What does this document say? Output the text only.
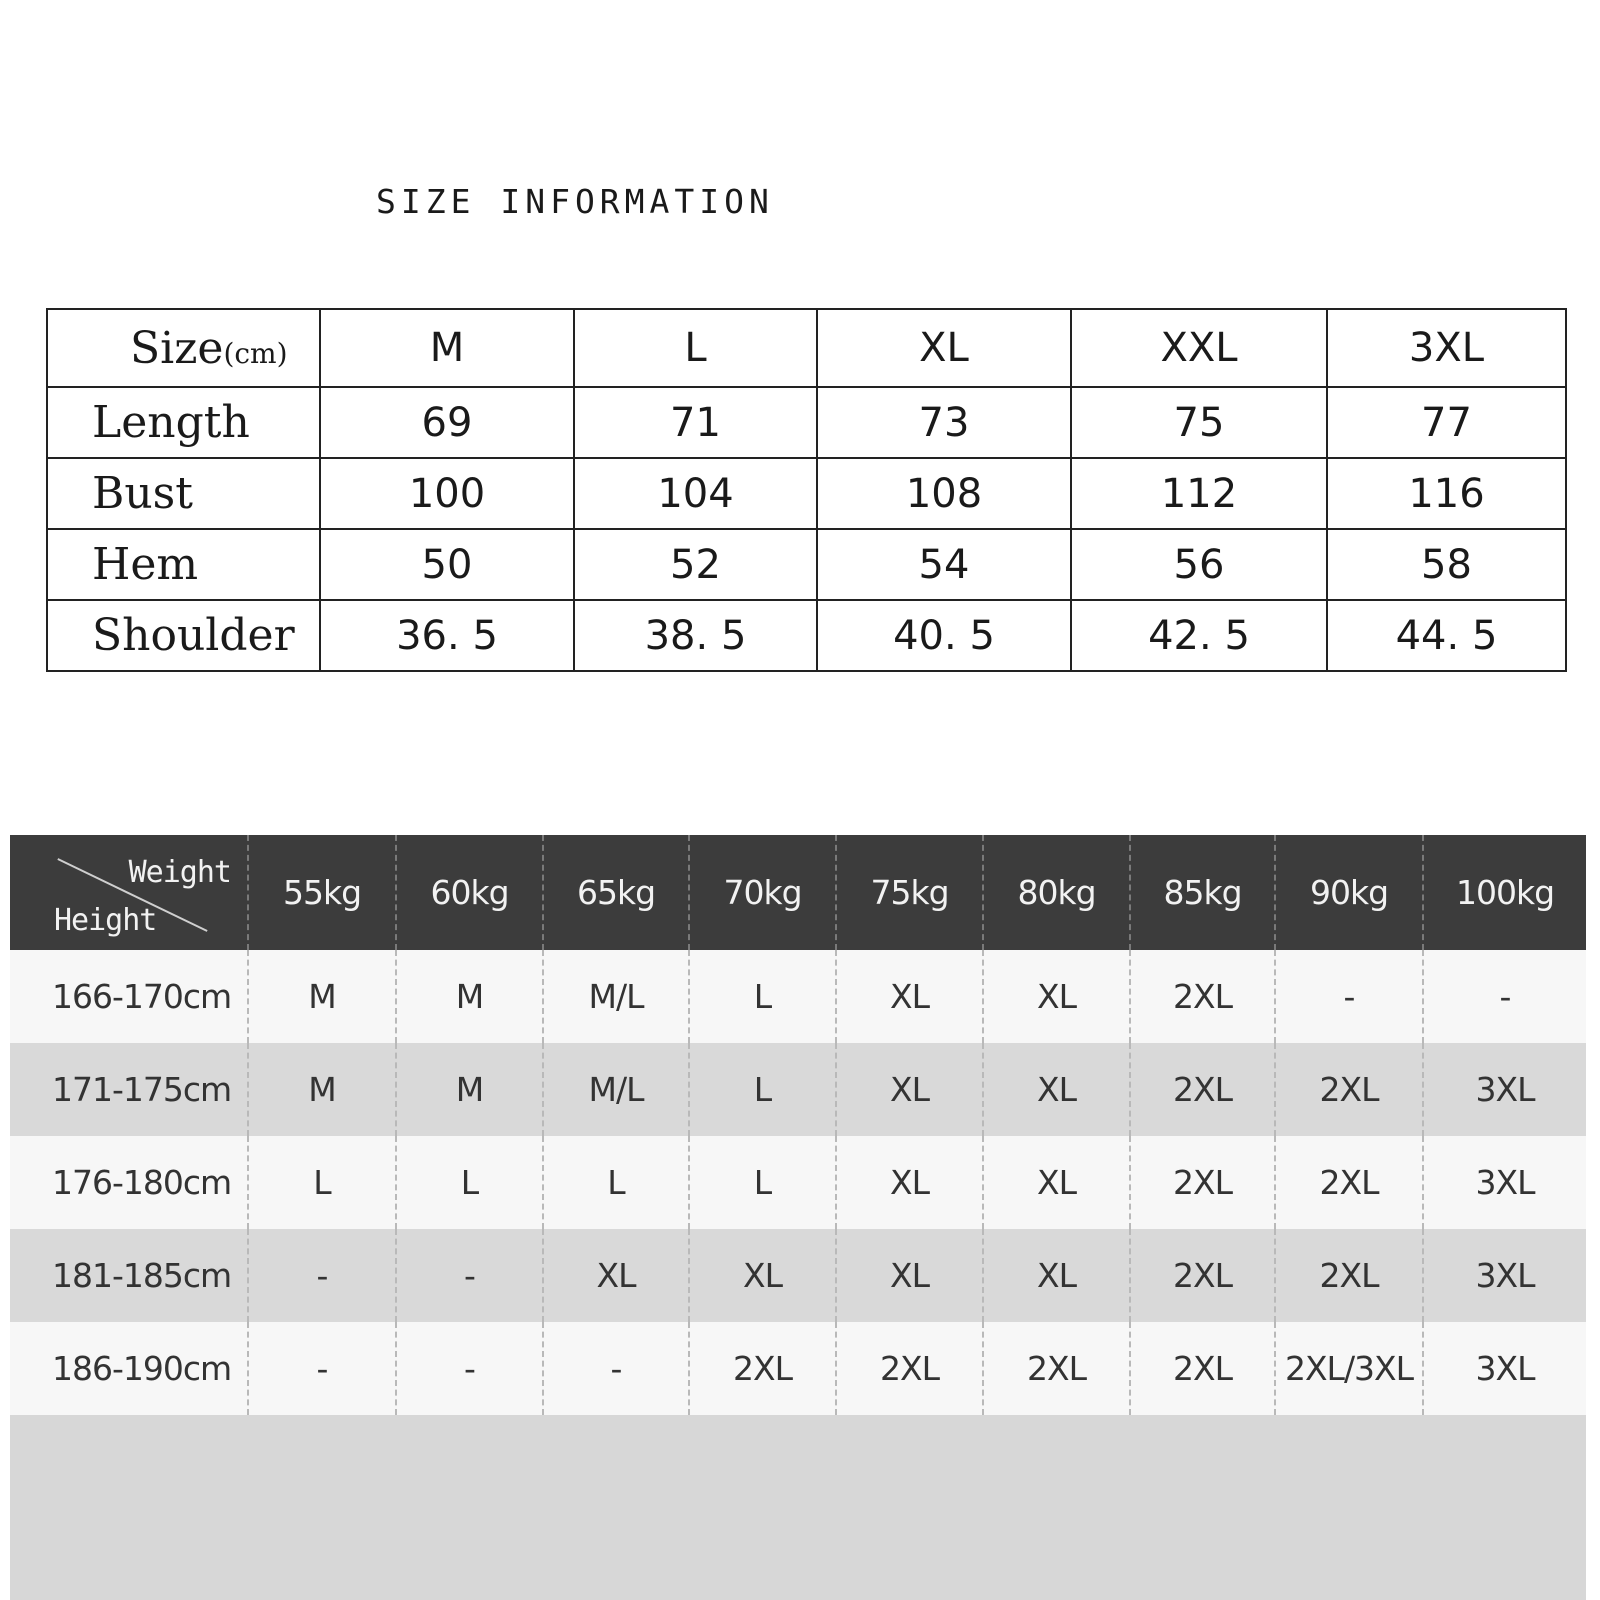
SIZE INFORMATION
Size(cm)	M	L	XL	XXL	3XL
Length	69	71	73	75	77
Bust	100	104	108	112	116
Hem	50	52	54	56	58
Shoulder	36. 5	38. 5	40. 5	42. 5	44. 5
Weight
Height	55kg	60kg	65kg	70kg	75kg	80kg	85kg	90kg	100kg
166-170cm	M	M	M/L	L	XL	XL	2XL	-	-
171-175cm	M	M	M/L	L	XL	XL	2XL	2XL	3XL
176-180cm	L	L	L	L	XL	XL	2XL	2XL	3XL
181-185cm	-	-	XL	XL	XL	XL	2XL	2XL	3XL
186-190cm	-	-	-	2XL	2XL	2XL	2XL	2XL/3XL	3XL
